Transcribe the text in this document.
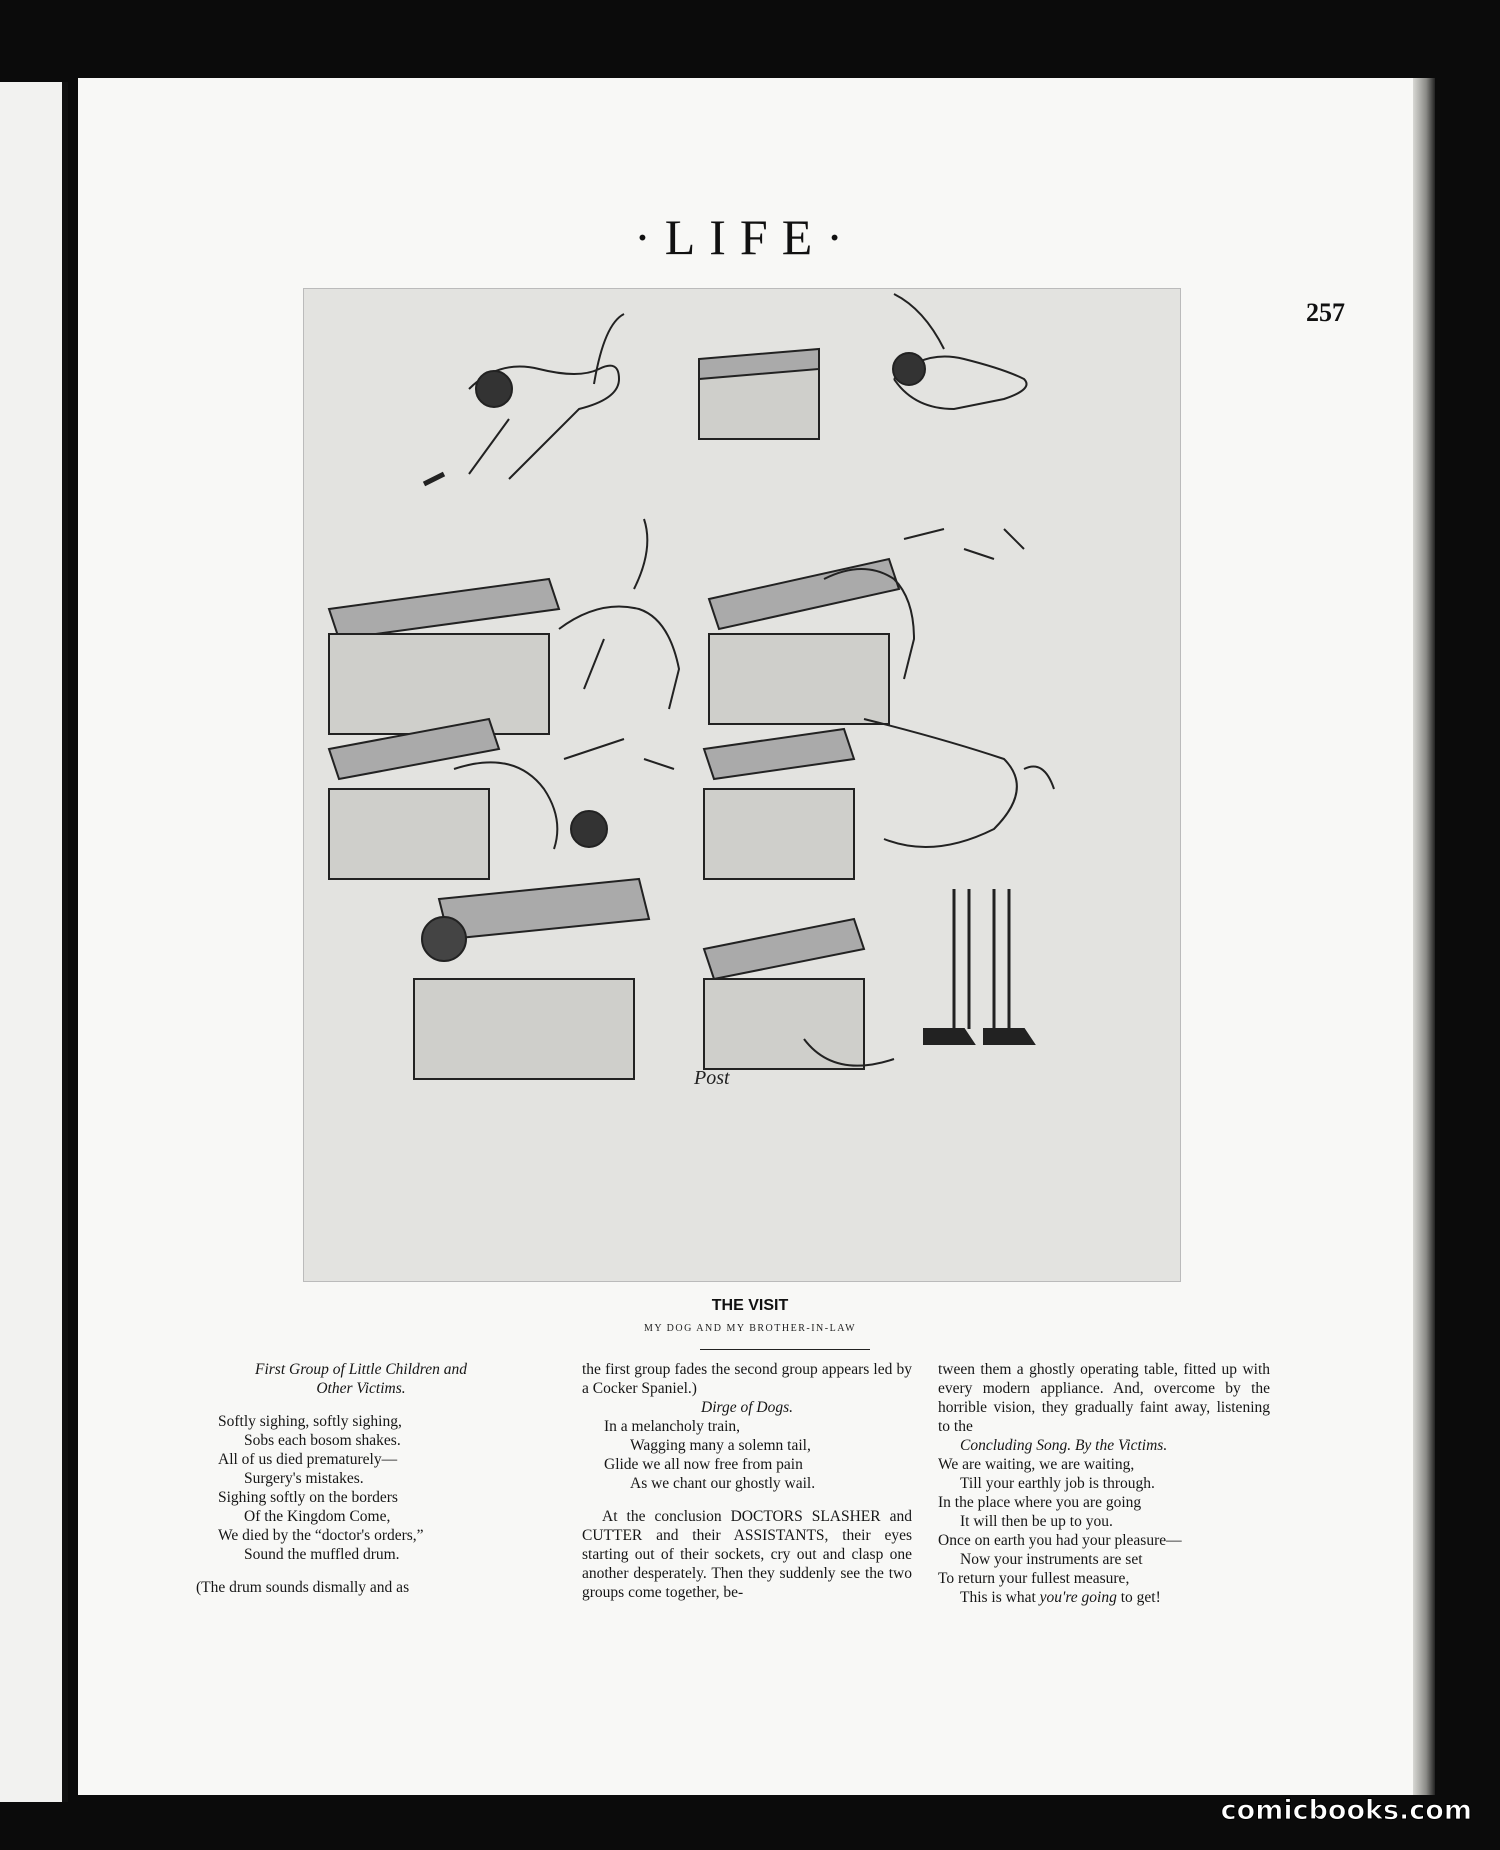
·LIFE·
257
Post
THE VISIT
MY DOG AND MY BROTHER-IN-LAW
First Group of Little Children and
Other Victims.
Softly sighing, softly sighing,
Sobs each bosom shakes.
All of us died prematurely—
Surgery's mistakes.
Sighing softly on the borders
Of the Kingdom Come,
We died by the “doctor's orders,”
Sound the muffled drum.
(The drum sounds dismally and as
the first group fades the second group appears led by a Cocker Spaniel.)
Dirge of Dogs.
In a melancholy train,
Wagging many a solemn tail,
Glide we all now free from pain
As we chant our ghostly wail.
At the conclusion DOCTORS SLASHER and CUTTER and their ASSISTANTS, their eyes starting out of their sockets, cry out and clasp one another desperately. Then they suddenly see the two groups come together, be-
tween them a ghostly operating table, fitted up with every modern appliance. And, overcome by the horrible vision, they gradually faint away, listening to the
Concluding Song. By the Victims.
We are waiting, we are waiting,
Till your earthly job is through.
In the place where you are going
It will then be up to you.
Once on earth you had your pleasure—
Now your instruments are set
To return your fullest measure,
This is what you're going to get!
comicbooks.com
